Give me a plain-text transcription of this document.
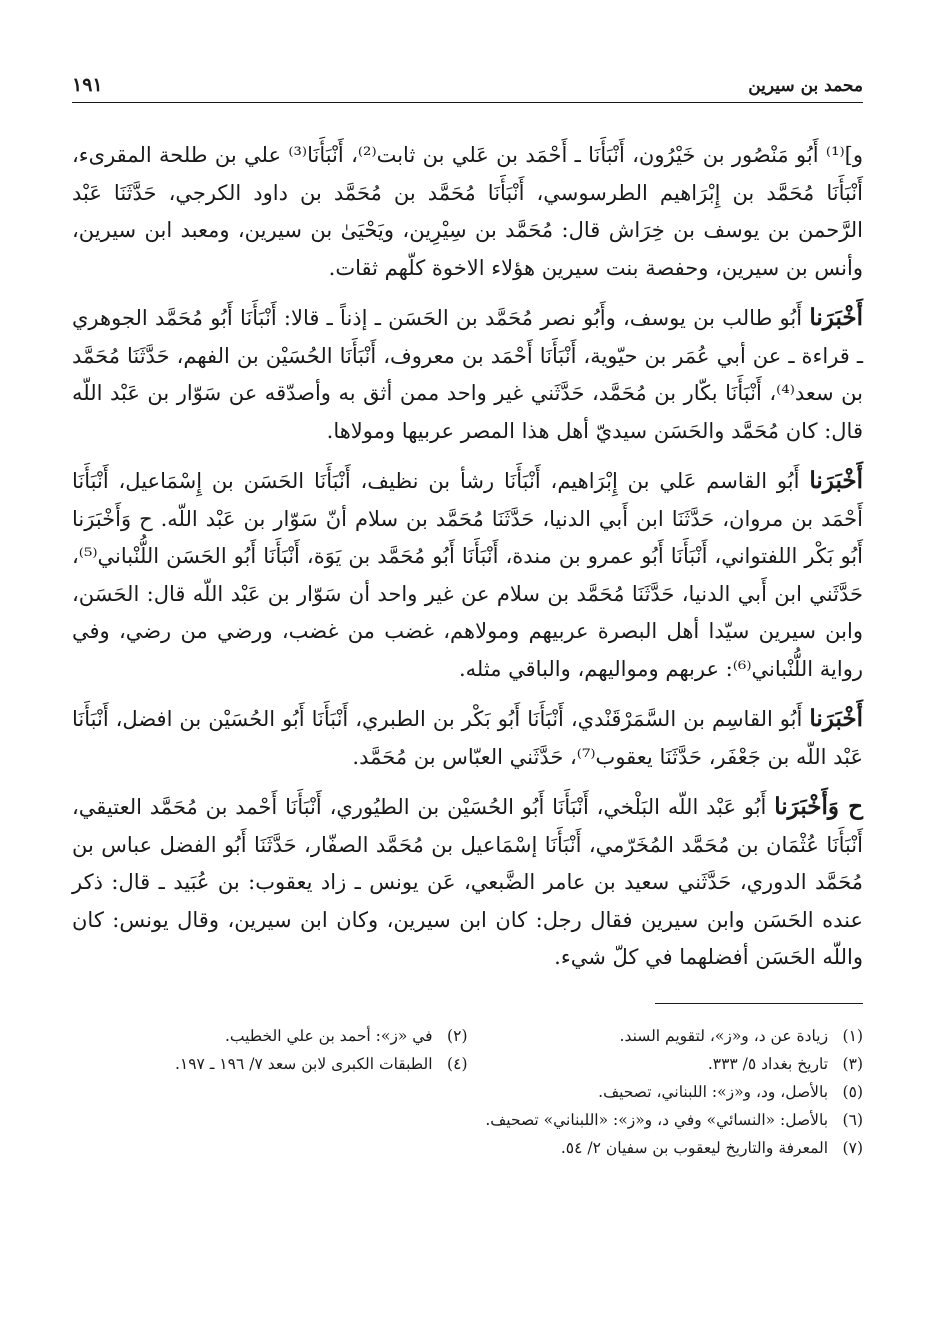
محمد بن سيرين
١٩١

و]⁽¹⁾ أَبُو مَنْصُور بن خَيْرُون، أَنْبَأَنَا ـ أَحْمَد بن عَلي بن ثابت⁽²⁾، أَنْبَأَنَا⁽³⁾ علي بن طلحة المقرىء، أَنْبَأَنَا مُحَمَّد بن إِبْرَاهيم الطرسوسي، أَنْبَأَنَا مُحَمَّد بن مُحَمَّد بن داود الكرجي، حَدَّثَنَا عَبْد الرَّحمن بن يوسف بن خِرَاش قال: مُحَمَّد بن سِيْرِين، ويَحْيَىٰ بن سيرين، ومعبد ابن سيرين، وأنس بن سيرين، وحفصة بنت سيرين هؤلاء الاخوة كلّهم ثقات.

أَخْبَرَنا أَبُو طالب بن يوسف، وأَبُو نصر مُحَمَّد بن الحَسَن ـ إذناً ـ قالا: أَنْبَأَنَا أَبُو مُحَمَّد الجوهري ـ قراءة ـ عن أبي عُمَر بن حيّوية، أَنْبَأَنَا أَحْمَد بن معروف، أَنْبَأَنَا الحُسَيْن بن الفهم، حَدَّثَنَا مُحَمَّد بن سعد⁽⁴⁾، أَنْبَأَنَا بكّار بن مُحَمَّد، حَدَّثَني غير واحد ممن أثق به وأصدّقه عن سَوّار بن عَبْد اللّه قال: كان مُحَمَّد والحَسَن سيديّ أهل هذا المصر عربيها ومولاها.

أَخْبَرَنا أَبُو القاسم عَلي بن إِبْرَاهيم، أَنْبَأَنَا رشأ بن نظيف، أَنْبَأَنَا الحَسَن بن إِسْمَاعيل، أَنْبَأَنَا أَحْمَد بن مروان، حَدَّثَنَا ابن أَبي الدنيا، حَدَّثَنَا مُحَمَّد بن سلام أنّ سَوّار بن عَبْد اللّه. ح وَأَخْبَرَنا أَبُو بَكْر اللفتواني، أَنْبَأَنَا أَبُو عمرو بن مندة، أَنْبَأَنَا أَبُو مُحَمَّد بن يَوَة، أَنْبَأَنَا أَبُو الحَسَن اللُّنْباني⁽⁵⁾، حَدَّثَني ابن أَبي الدنيا، حَدَّثَنَا مُحَمَّد بن سلام عن غير واحد أن سَوّار بن عَبْد اللّه قال: الحَسَن، وابن سيرين سيّدا أهل البصرة عربيهم ومولاهم، غضب من غضب، ورضي من رضي، وفي رواية اللُّنْباني⁽⁶⁾: عربهم ومواليهم، والباقي مثله.

أَخْبَرَنا أَبُو القاسِم بن السَّمَرْقَنْدي، أَنْبَأَنَا أَبُو بَكْر بن الطبري، أَنْبَأَنَا أَبُو الحُسَيْن بن افضل، أَنْبَأَنَا عَبْد اللّه بن جَعْفَر، حَدَّثَنَا يعقوب⁽⁷⁾، حَدَّثَني العبّاس بن مُحَمَّد.

ح وَأَخْبَرَنا أَبُو عَبْد اللّه البَلْخي، أَنْبَأَنَا أَبُو الحُسَيْن بن الطيُوري، أَنْبَأَنَا أَحْمد بن مُحَمَّد العتيقي، أَنْبَأَنَا عُثْمَان بن مُحَمَّد المُخَرّمي، أَنْبَأَنَا إسْمَاعيل بن مُحَمَّد الصفّار، حَدَّثَنَا أَبُو الفضل عباس بن مُحَمَّد الدوري، حَدَّثَني سعيد بن عامر الضَّبعي، عَن يونس ـ زاد يعقوب: بن عُبَيد ـ قال: ذكر عنده الحَسَن وابن سيرين فقال رجل: كان ابن سيرين، وكان ابن سيرين، وقال يونس: كان واللّه الحَسَن أفضلهما في كلّ شيء.

(١) زيادة عن د، و«ز»، لتقويم السند.
(٢) في «ز»: أحمد بن علي الخطيب.
(٣) تاريخ بغداد ٥/ ٣٣٣.
(٤) الطبقات الكبرى لابن سعد ٧/ ١٩٦ ـ ١٩٧.
(٥) بالأصل، ود، و«ز»: اللبناني، تصحيف.
(٦) بالأصل: «النسائي» وفي د، و«ز»: «اللبناني» تصحيف.
(٧) المعرفة والتاريخ ليعقوب بن سفيان ٢/ ٥٤.
